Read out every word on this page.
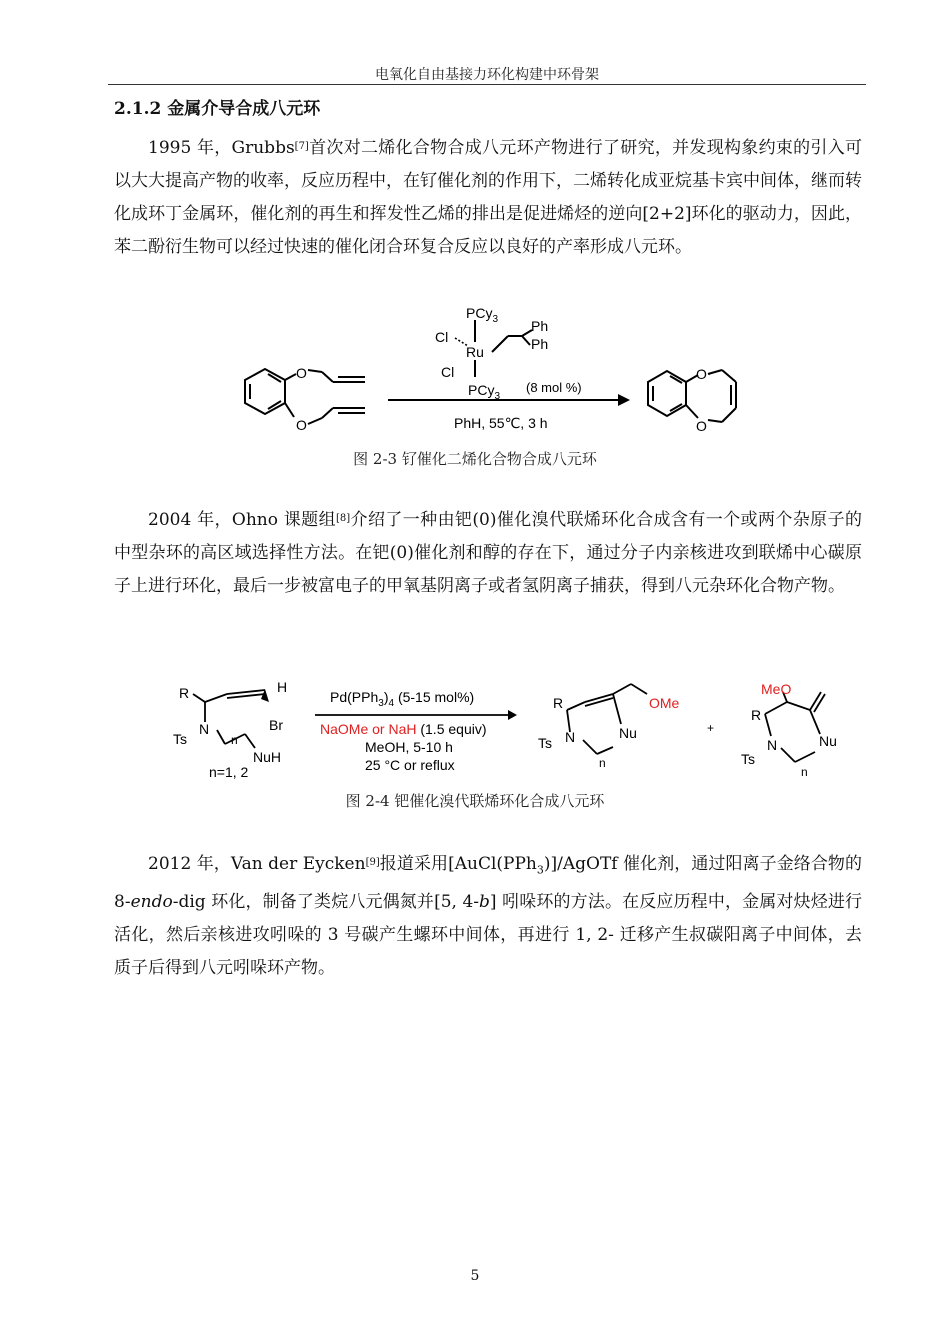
电氧化自由基接力环化构建中环骨架
2.1.2 金属介导合成八元环
1995 年，Grubbs[7]首次对二烯化合物合成八元环产物进行了研究，并发现构象约束的引入可以大大提高产物的收率，反应历程中，在钌催化剂的作用下，二烯转化成亚烷基卡宾中间体，继而转化成环丁金属环，催化剂的再生和挥发性乙烯的排出是促进烯烃的逆向[2+2]环化的驱动力，因此，苯二酚衍生物可以经过快速的催化闭合环复合反应以良好的产率形成八元环。
PCy$_3$
Cl
Ru
Cl
Ph
Ph
PCy$_3$
(8 mol %)
PhH, 55℃, 3 h
O
O
O
O
图 2-3 钌催化二烯化合物合成八元环
2004 年，Ohno 课题组[8]介绍了一种由钯(0)催化溴代联烯环化合成含有一个或两个杂原子的中型杂环的高区域选择性方法。在钯(0)催化剂和醇的存在下，通过分子内亲核进攻到联烯中心碳原子上进行环化，最后一步被富电子的甲氧基阴离子或者氢阴离子捕获，得到八元杂环化合物产物。
R	H
Br
Ts
N
n
NuH
n=1, 2
$Pd(PPh_3)_4$ (5-15 mol%)
NaOMe or NaH (1.5 equiv)
MeOH, 5-10 h
25 °C or reflux
R	OMe
Ts N	Nu
n
+
MeO
R
Ts
N	Nu
n
图 2-4 钯催化溴代联烯环化合成八元环
2012 年，Van der Eycken[9]报道采用[AuCl(PPh$_3$)]/AgOTf 催化剂，通过阳离子金络合物的 8-endo-dig 环化，制备了类烷八元偶氮并[5, 4-b] 吲哚环的方法。在反应历程中，金属对炔烃进行活化，然后亲核进攻吲哚的 3 号碳产生螺环中间体，再进行 1, 2- 迁移产生叔碳阳离子中间体，去质子后得到八元吲哚环产物。
5
